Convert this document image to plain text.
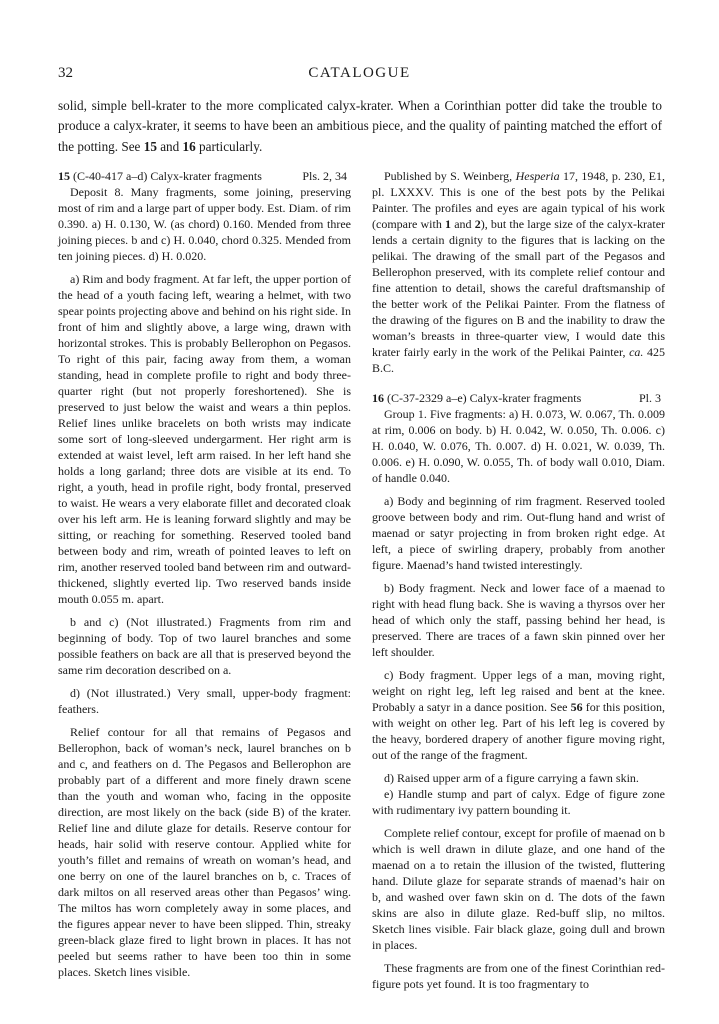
32	CATALOGUE

solid, simple bell-krater to the more complicated calyx-krater. When a Corinthian potter did take the trouble to produce a calyx-krater, it seems to have been an ambitious piece, and the quality of painting matched the effort of the potting. See 15 and 16 particularly.

15 (C-40-417 a–d) Calyx-krater fragments	Pls. 2, 34

Deposit 8. Many fragments, some joining, preserving most of rim and a large part of upper body. Est. Diam. of rim 0.390. a) H. 0.130, W. (as chord) 0.160. Mended from three joining pieces. b and c) H. 0.040, chord 0.325. Mended from ten joining pieces. d) H. 0.020.

a) Rim and body fragment. At far left, the upper portion of the head of a youth facing left, wearing a helmet, with two spear points projecting above and behind on his right side. In front of him and slightly above, a large wing, drawn with horizontal strokes. This is probably Bellerophon on Pegasos. To right of this pair, facing away from them, a woman standing, head in complete profile to right and body three-quarter right (but not properly foreshortened). She is preserved to just below the waist and wears a thin peplos. Relief lines unlike bracelets on both wrists may indicate some sort of long-sleeved undergarment. Her right arm is extended at waist level, left arm raised. In her left hand she holds a long garland; three dots are visible at its end. To right, a youth, head in profile right, body frontal, preserved to waist. He wears a very elaborate fillet and decorated cloak over his left arm. He is leaning forward slightly and may be sitting, or reaching for something. Reserved tooled band between body and rim, wreath of pointed leaves to left on rim, another reserved tooled band between rim and outward-thickened, slightly everted lip. Two reserved bands inside mouth 0.055 m. apart.

b and c) (Not illustrated.) Fragments from rim and beginning of body. Top of two laurel branches and some possible feathers on back are all that is preserved beyond the same rim decoration described on a.

d) (Not illustrated.) Very small, upper-body fragment: feathers.

Relief contour for all that remains of Pegasos and Bellerophon, back of woman’s neck, laurel branches on b and c, and feathers on d. The Pegasos and Bellerophon are probably part of a different and more finely drawn scene than the youth and woman who, facing in the opposite direction, are most likely on the back (side B) of the krater. Relief line and dilute glaze for details. Reserve contour for heads, hair solid with reserve contour. Applied white for youth’s fillet and remains of wreath on woman’s head, and one berry on one of the laurel branches on b, c. Traces of dark miltos on all reserved areas other than Pegasos’ wing. The miltos has worn completely away in some places, and the figures appear never to have been slipped. Thin, streaky green-black glaze fired to light brown in places. It has not peeled but seems rather to have been too thin in some places. Sketch lines visible.

Published by S. Weinberg, Hesperia 17, 1948, p. 230, E1, pl. LXXXV. This is one of the best pots by the Pelikai Painter. The profiles and eyes are again typical of his work (compare with 1 and 2), but the large size of the calyx-krater lends a certain dignity to the figures that is lacking on the pelikai. The drawing of the small part of the Pegasos and Bellerophon preserved, with its complete relief contour and fine attention to detail, shows the careful draftsmanship of the better work of the Pelikai Painter. From the flatness of the drawing of the figures on B and the inability to draw the woman’s breasts in three-quarter view, I would date this krater fairly early in the work of the Pelikai Painter, ca. 425 B.C.

16 (C-37-2329 a–e) Calyx-krater fragments	Pl. 3

Group 1. Five fragments: a) H. 0.073, W. 0.067, Th. 0.009 at rim, 0.006 on body. b) H. 0.042, W. 0.050, Th. 0.006. c) H. 0.040, W. 0.076, Th. 0.007. d) H. 0.021, W. 0.039, Th. 0.006. e) H. 0.090, W. 0.055, Th. of body wall 0.010, Diam. of handle 0.040.

a) Body and beginning of rim fragment. Reserved tooled groove between body and rim. Out-flung hand and wrist of maenad or satyr projecting in from broken right edge. At left, a piece of swirling drapery, probably from another figure. Maenad’s hand twisted interestingly.

b) Body fragment. Neck and lower face of a maenad to right with head flung back. She is waving a thyrsos over her head of which only the staff, passing behind her head, is preserved. There are traces of a fawn skin pinned over her left shoulder.

c) Body fragment. Upper legs of a man, moving right, weight on right leg, left leg raised and bent at the knee. Probably a satyr in a dance position. See 56 for this position, with weight on other leg. Part of his left leg is covered by the heavy, bordered drapery of another figure moving right, out of the range of the fragment.

d) Raised upper arm of a figure carrying a fawn skin.

e) Handle stump and part of calyx. Edge of figure zone with rudimentary ivy pattern bounding it.

Complete relief contour, except for profile of maenad on b which is well drawn in dilute glaze, and one hand of the maenad on a to retain the illusion of the twisted, fluttering hand. Dilute glaze for separate strands of maenad’s hair on b, and washed over fawn skin on d. The dots of the fawn skins are also in dilute glaze. Red-buff slip, no miltos. Sketch lines visible. Fair black glaze, going dull and brown in places.

These fragments are from one of the finest Corinthian red-figure pots yet found. It is too fragmentary to
